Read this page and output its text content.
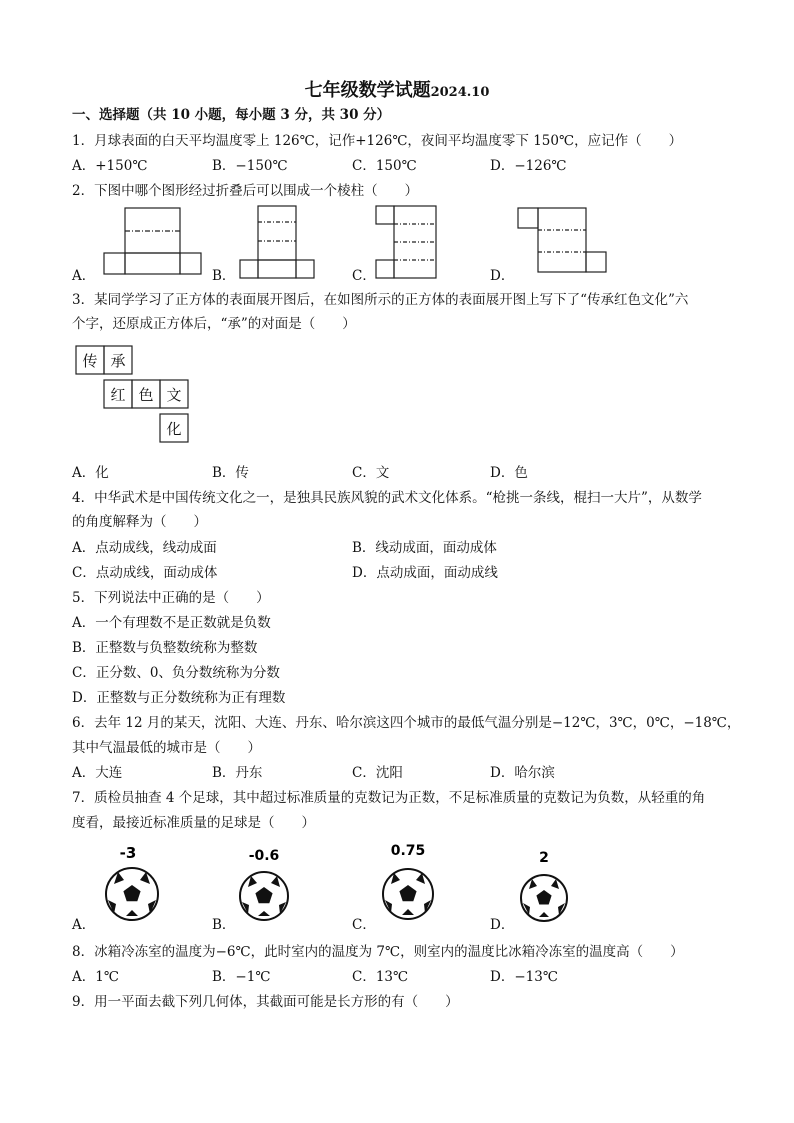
七年级数学试题2024.10
一、选择题（共 10 小题，每小题 3 分，共 30 分）
1．月球表面的白天平均温度零上 126℃，记作+126℃，夜间平均温度零下 150℃，应记作（　　）
A．+150℃	B．−150℃	C．150℃	D．−126℃
2．下图中哪个图形经过折叠后可以围成一个棱柱（　　）
A．	B．	C．	D．
3．某同学学习了正方体的表面展开图后，在如图所示的正方体的表面展开图上写下了“传承红色文化”六
个字，还原成正方体后，“承”的对面是（　　）
传 承
红 色 文
化
A．化	B．传	C．文	D．色
4．中华武术是中国传统文化之一，是独具民族风貌的武术文化体系。“枪挑一条线，棍扫一大片”，从数学
的角度解释为（　　）
A．点动成线，线动成面	B．线动成面，面动成体
C．点动成线，面动成体	D．点动成面，面动成线
5．下列说法中正确的是（　　）
A．一个有理数不是正数就是负数
B．正整数与负整数统称为整数
C．正分数、0、负分数统称为分数
D．正整数与正分数统称为正有理数
6．去年 12 月的某天，沈阳、大连、丹东、哈尔滨这四个城市的最低气温分别是−12℃，3℃，0℃，−18℃，
其中气温最低的城市是（　　）
A．大连	B．丹东	C．沈阳	D．哈尔滨
7．质检员抽查 4 个足球，其中超过标准质量的克数记为正数，不足标准质量的克数记为负数，从轻重的角
度看，最接近标准质量的足球是（　　）
-3	-0.6	0.75	2
A．	B．	C．	D．
8．冰箱冷冻室的温度为−6℃，此时室内的温度为 7℃，则室内的温度比冰箱冷冻室的温度高（　　）
A．1℃	B．−1℃	C．13℃	D．−13℃
9．用一平面去截下列几何体，其截面可能是长方形的有（　　）
